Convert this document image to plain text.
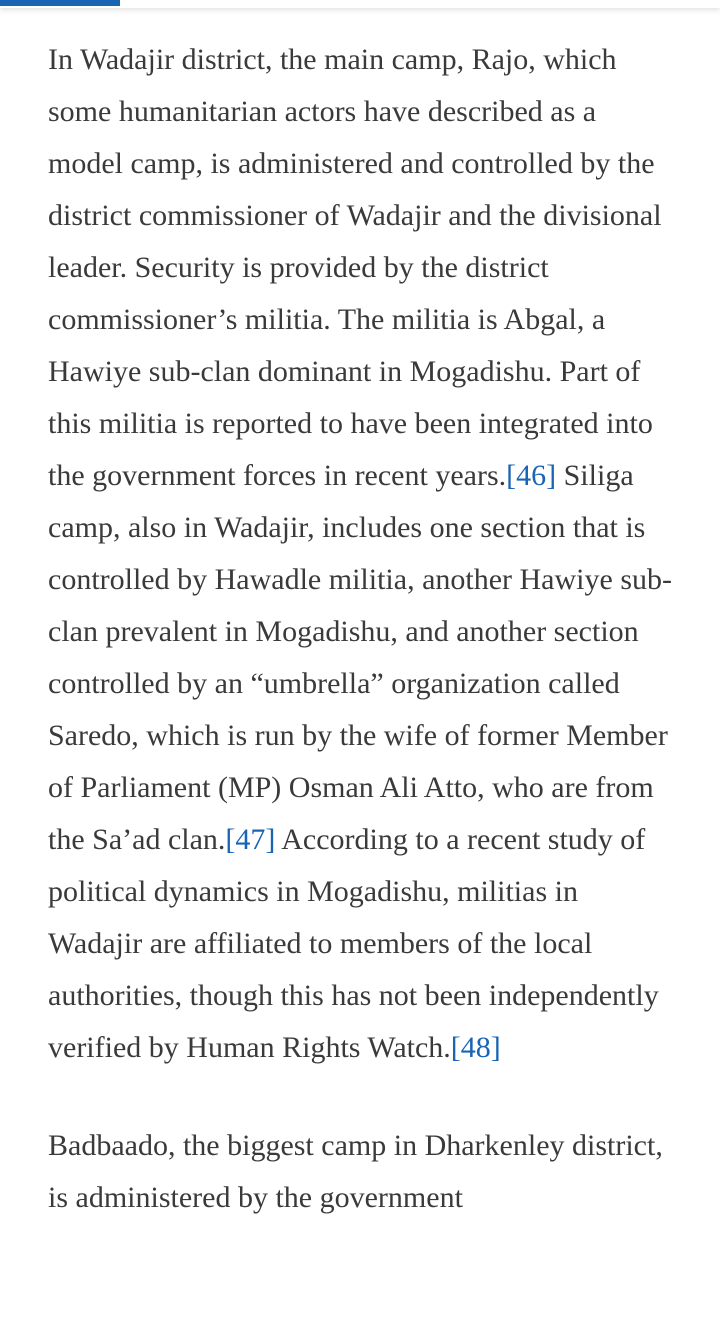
In Wadajir district, the main camp, Rajo, which some humanitarian actors have described as a model camp, is administered and controlled by the district commissioner of Wadajir and the divisional leader. Security is provided by the district commissioner’s militia. The militia is Abgal, a Hawiye sub-clan dominant in Mogadishu. Part of this militia is reported to have been integrated into the government forces in recent years.[46] Siliga camp, also in Wadajir, includes one section that is controlled by Hawadle militia, another Hawiye sub-clan prevalent in Mogadishu, and another section controlled by an “umbrella” organization called Saredo, which is run by the wife of former Member of Parliament (MP) Osman Ali Atto, who are from the Sa’ad clan.[47] According to a recent study of political dynamics in Mogadishu, militias in Wadajir are affiliated to members of the local authorities, though this has not been independently verified by Human Rights Watch.[48]

Badbaado, the biggest camp in Dharkenley district, is administered by the government
